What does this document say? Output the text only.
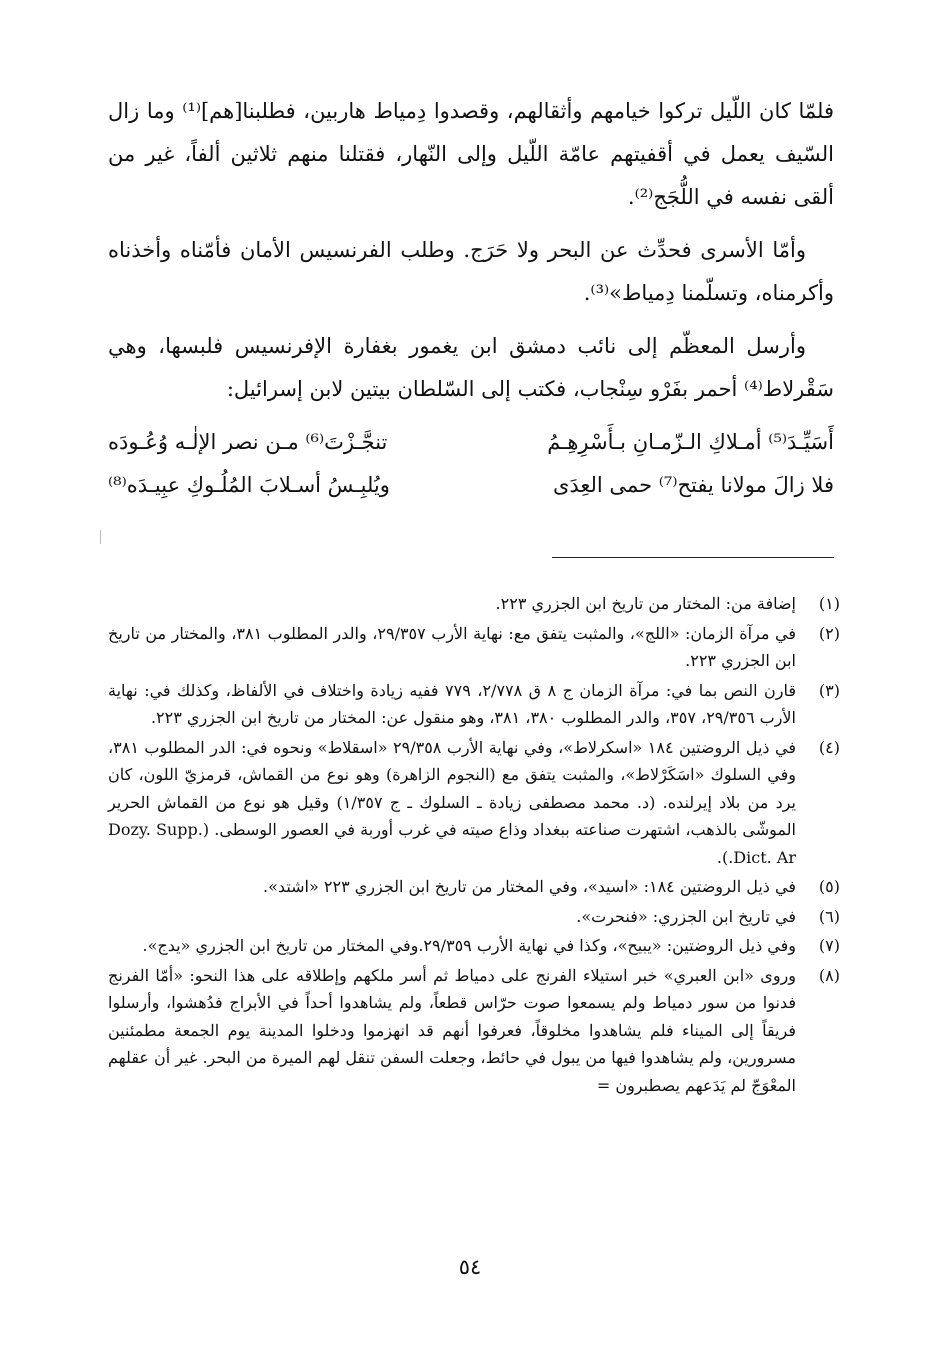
فلمّا كان اللّيل تركوا خيامهم وأثقالهم، وقصدوا دِمياط هاربين، فطلبنا[هم]⁽¹⁾ وما زال السّيف يعمل في أقفيتهم عامّة اللّيل وإلى النّهار، فقتلنا منهم ثلاثين ألفاً، غير من ألقى نفسه في اللُّجَج⁽²⁾.

وأمّا الأسرى فحدِّث عن البحر ولا حَرَج. وطلب الفرنسيس الأمان فأمّناه وأخذناه وأكرمناه، وتسلّمنا دِمياط»⁽³⁾.

وأرسل المعظّم إلى نائب دمشق ابن يغمور بغفارة الإفرنسيس فلبسها، وهي سَقْرلاط⁽⁴⁾ أحمر بفَرْو سِنْجاب، فكتب إلى السّلطان بيتين لابن إسرائيل:

أَسَيِّـدَ⁽⁵⁾ أمـلاكِ الـزّمـانِ بـأَسْرِهِـمُ
تنجَّـزْتَ⁽⁶⁾ مـن نصر الإلٰـه وُعُـودَه
فلا زالَ مولانا يفتح⁽⁷⁾ حمى العِدَى
ويُلبِـسُ أسـلابَ المُلُـوكِ عبِيـدَه⁽⁸⁾
(١)
إضافة من: المختار من تاريخ ابن الجزري ٢٢٣.
(٢)
في مرآة الزمان: «اللج»، والمثبت يتفق مع: نهاية الأرب ٢٩/٣٥٧، والدر المطلوب ٣٨١، والمختار من تاريخ ابن الجزري ٢٢٣.
(٣)
قارن النص بما في: مرآة الزمان ج ٨ ق ٢/٧٧٨، ٧٧٩ ففيه زيادة واختلاف في الألفاظ، وكذلك في: نهاية الأرب ٢٩/٣٥٦، ٣٥٧، والدر المطلوب ٣٨٠، ٣٨١، وهو منقول عن: المختار من تاريخ ابن الجزري ٢٢٣.
(٤)
في ذيل الروضتين ١٨٤ «اسكرلاط»، وفي نهاية الأرب ٢٩/٣٥٨ «اسقلاط» ونحوه في: الدر المطلوب ٣٨١، وفي السلوك «اسَكَرْلاط»، والمثبت يتفق مع (النجوم الزاهرة) وهو نوع من القماش، قرمزيّ اللون، كان يرد من بلاد إيرلنده. (د. محمد مصطفى زيادة ـ السلوك ـ ج ١/٣٥٧) وقيل هو نوع من القماش الحرير الموشّى بالذهب، اشتهرت صناعته ببغداد وذاع صيته في غرب أوربة في العصور الوسطى. (Dozy. Supp. Dict. Ar.).
(٥)
في ذيل الروضتين ١٨٤: «اسيد»، وفي المختار من تاريخ ابن الجزري ٢٢٣ «اشتد».
(٦)
في تاريخ ابن الجزري: «فنحرت».
(٧)
وفي ذيل الروضتين: «يبيح»، وكذا في نهاية الأرب ٢٩/٣٥٩.وفي المختار من تاريخ ابن الجزري «يدج».
(٨)
وروى «ابن العبري» خبر استيلاء الفرنج على دمياط ثم أسر ملكهم وإطلاقه على هذا النحو: «أمّا الفرنج فدنوا من سور دمياط ولم يسمعوا صوت حرّاس قطعاً، ولم يشاهدوا أحداً في الأبراج فدُهشوا، وأرسلوا فريقاً إلى الميناء فلم يشاهدوا مخلوقاً، فعرفوا أنهم قد انهزموا ودخلوا المدينة يوم الجمعة مطمئنين مسرورين، ولم يشاهدوا فيها من يبول في حائط، وجعلت السفن تنقل لهم الميرة من البحر. غير أن عقلهم المعْوَجّ لم يَدَعهم يصطبرون =
٥٤
